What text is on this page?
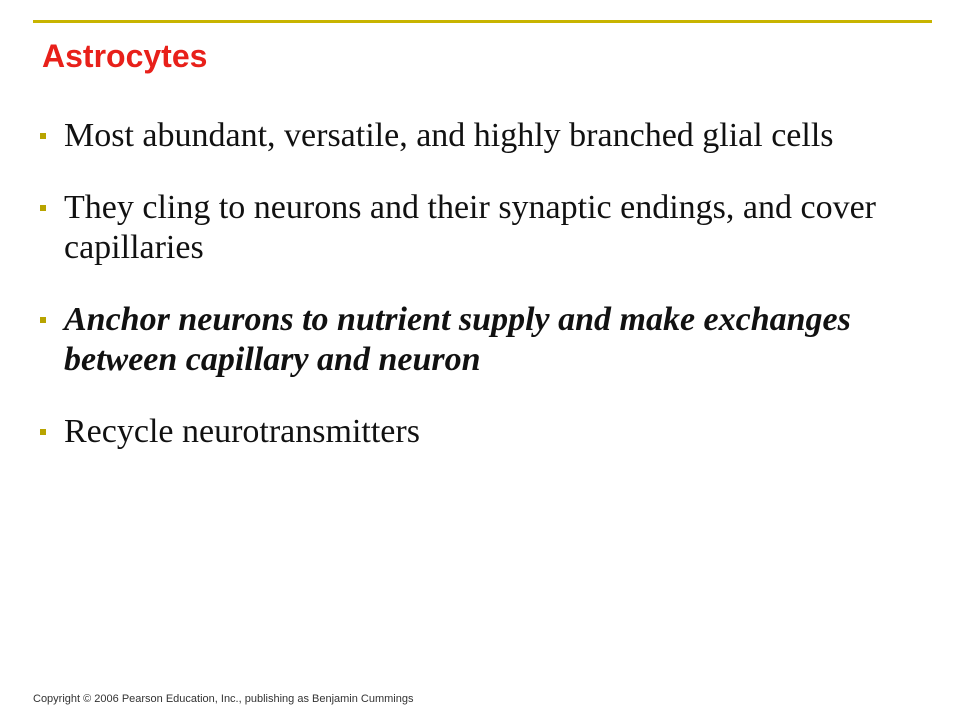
Astrocytes
Most abundant, versatile, and highly branched glial cells
They cling to neurons and their synaptic endings, and cover capillaries
Anchor neurons to nutrient supply and make exchanges between capillary and neuron
Recycle neurotransmitters
Copyright © 2006 Pearson Education, Inc., publishing as Benjamin Cummings
